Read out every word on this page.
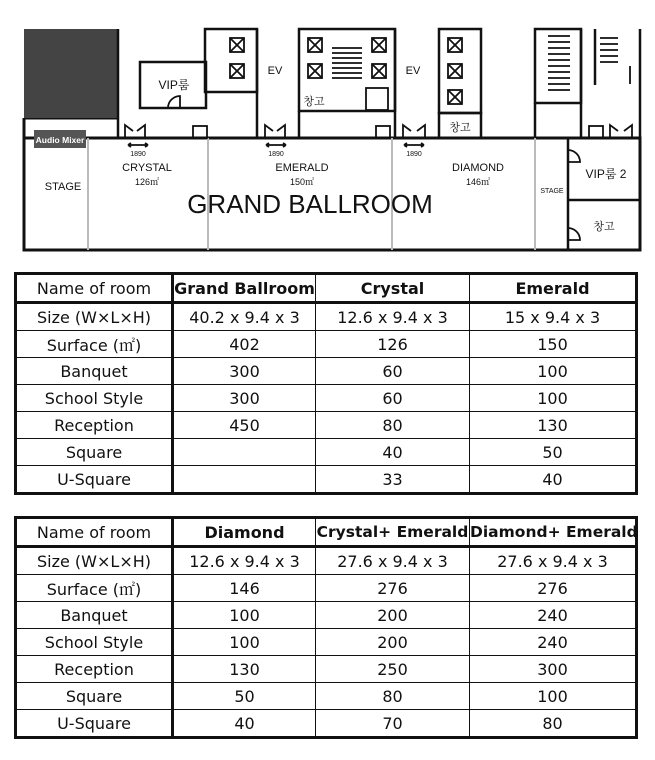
Audio Mixer
STAGE	STAGE
VIP룸
VIP룸 2
EV	EV
창고
창고
창고
1890	1890	1890
CRYSTAL
126㎡
EMERALD
150㎡
DIAMOND
146㎡
GRAND BALLROOM
Name of room	Grand Ballroom	Crystal	Emerald
Size (W×L×H)	40.2 x 9.4 x 3	12.6 x 9.4 x 3	15 x 9.4 x 3
Surface (㎡)	402	126	150
Banquet	300	60	100
School Style	300	60	100
Reception	450	80	130
Square		40	50
U-Square		33	40
Name of room	Diamond	Crystal+ Emerald	Diamond+ Emerald
Size (W×L×H)	12.6 x 9.4 x 3	27.6 x 9.4 x 3	27.6 x 9.4 x 3
Surface (㎡)	146	276	276
Banquet	100	200	240
School Style	100	200	240
Reception	130	250	300
Square	50	80	100
U-Square	40	70	80
